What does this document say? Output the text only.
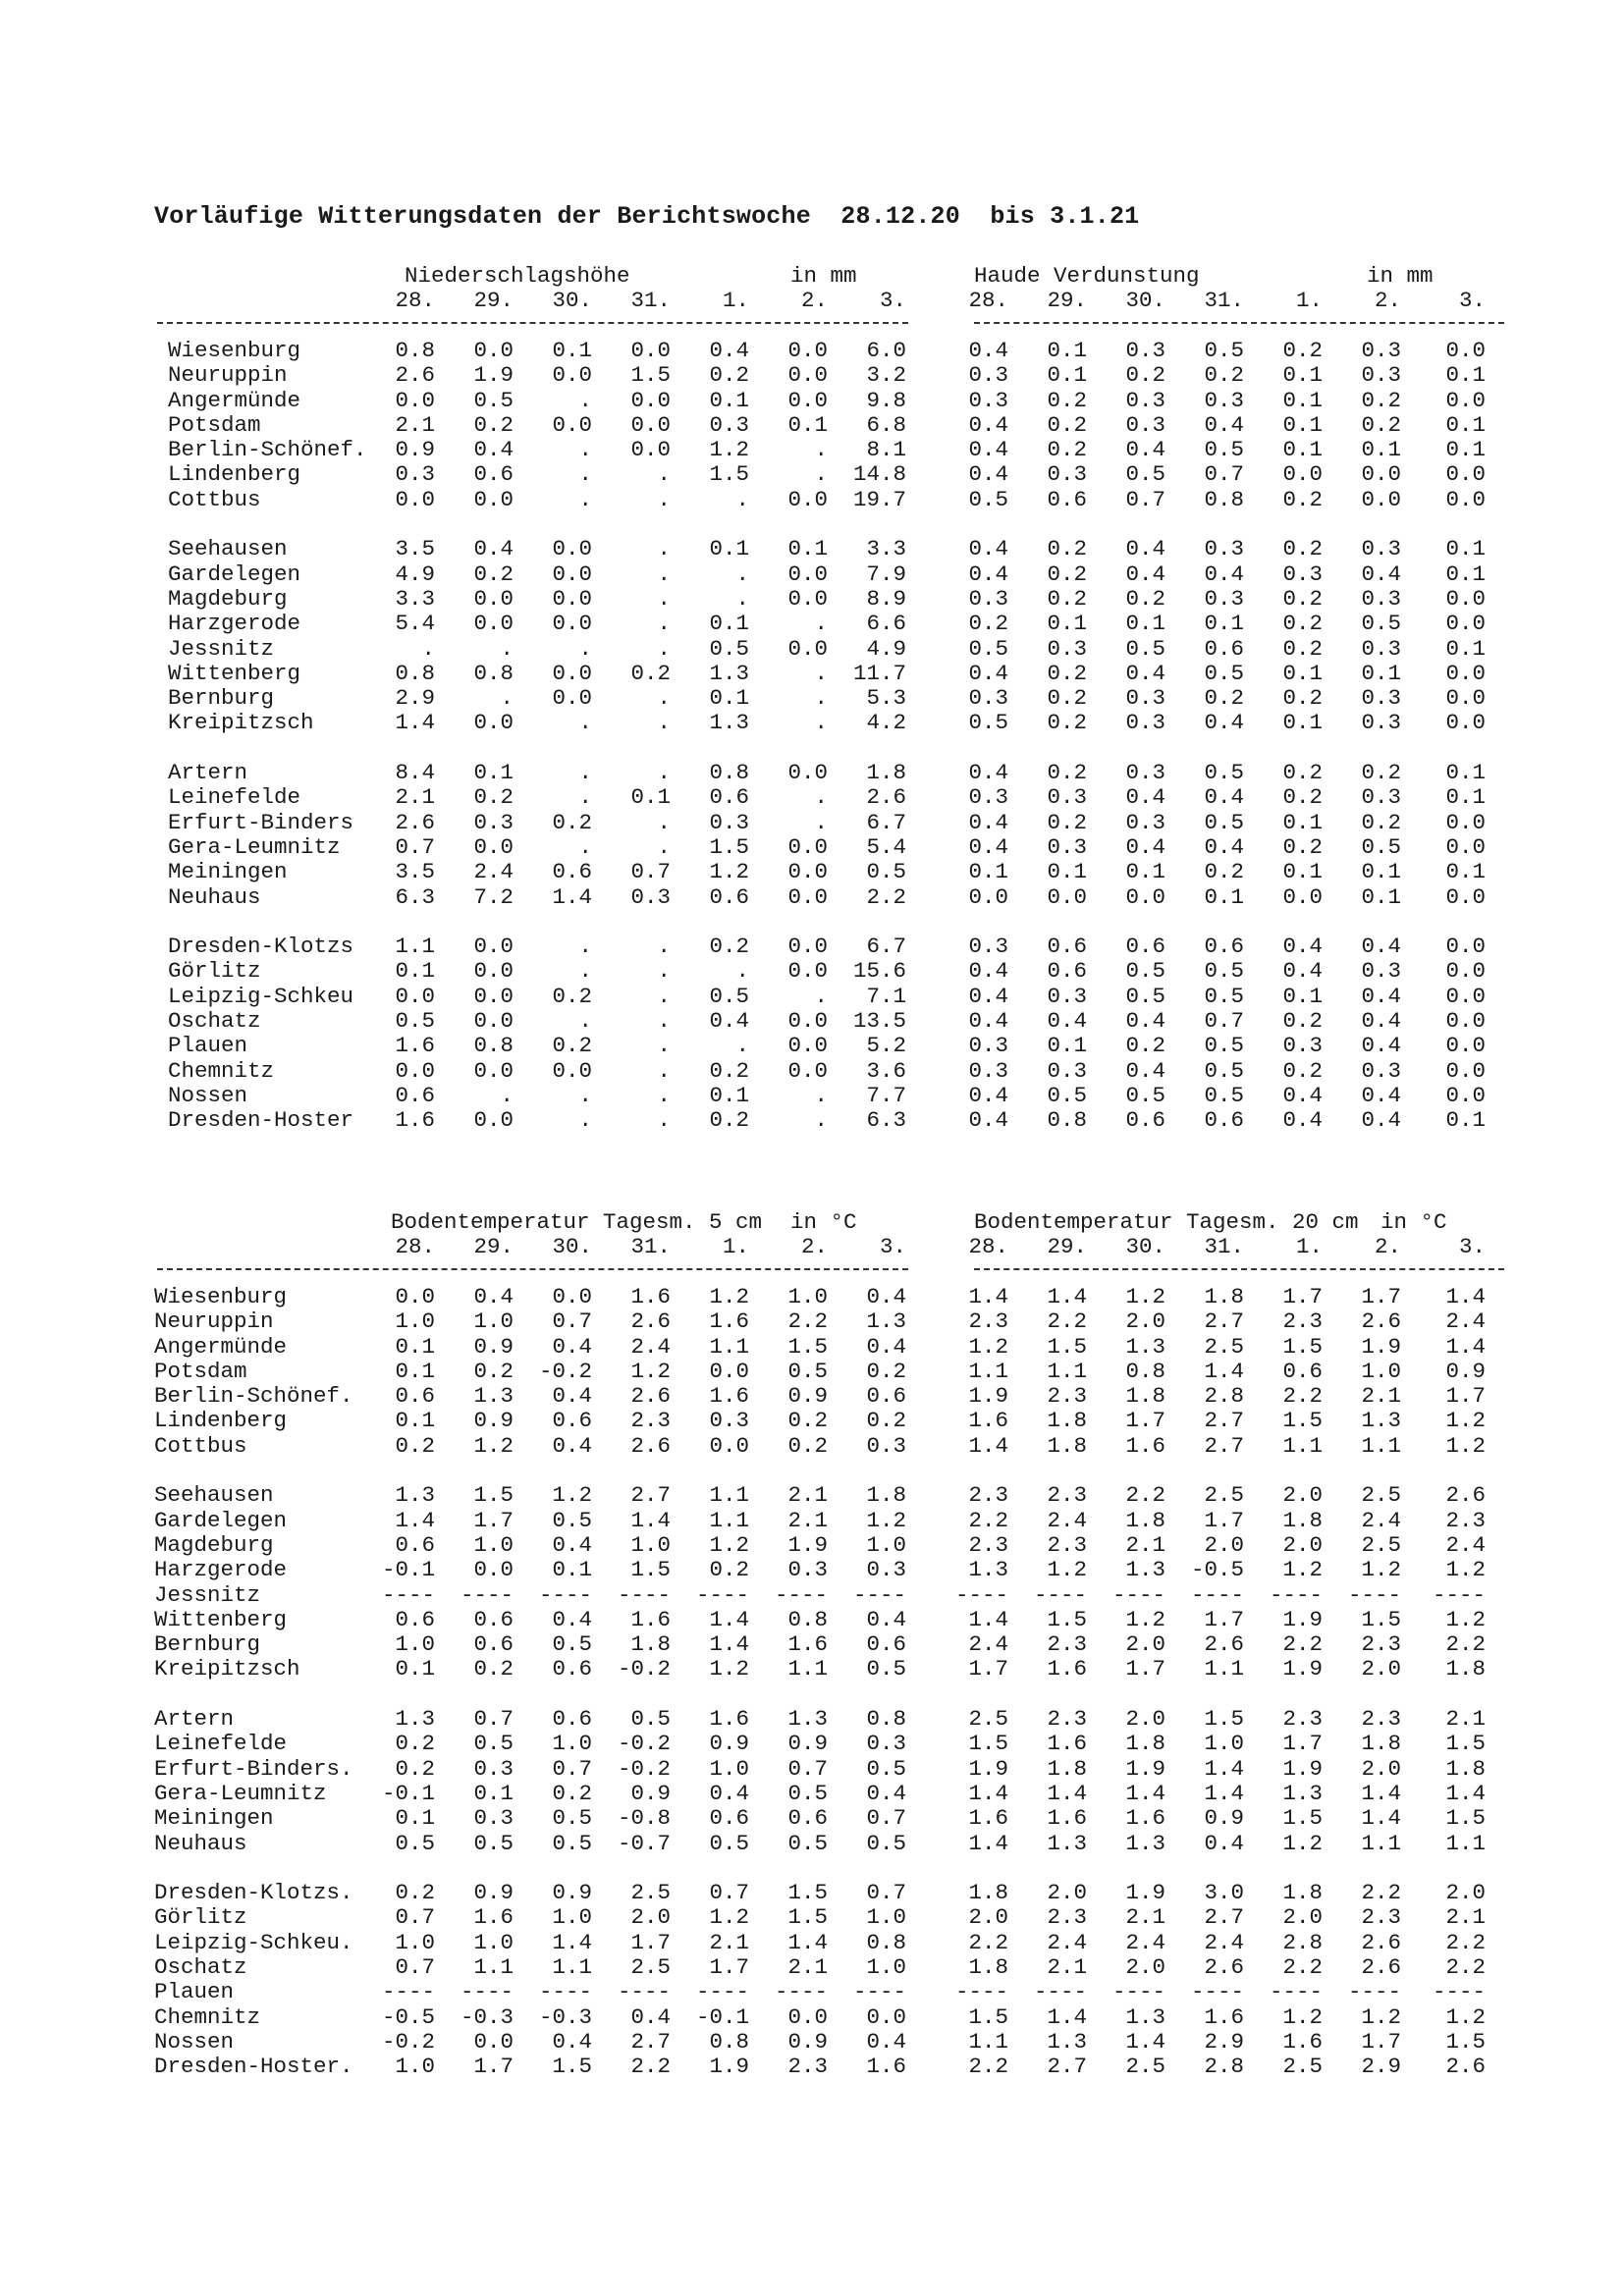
Vorläufige Witterungsdaten der Berichtswoche  28.12.20  bis 3.1.21
Niederschlagshöhe	in mm	Haude Verdunstung	in mm
28.	28.
29.	29.
30.	30.
31.	31.
1.	1.
2.	2.
3.	3.
Wiesenburg	0.8	0.0	0.1	0.0	0.4	0.0	6.0	0.4	0.1	0.3	0.5	0.2	0.3	0.0
Neuruppin	2.6	1.9	0.0	1.5	0.2	0.0	3.2	0.3	0.1	0.2	0.2	0.1	0.3	0.1
Angermünde	0.0	0.5	.	0.0	0.1	0.0	9.8	0.3	0.2	0.3	0.3	0.1	0.2	0.0
Potsdam	2.1	0.2	0.0	0.0	0.3	0.1	6.8	0.4	0.2	0.3	0.4	0.1	0.2	0.1
Berlin-Schönef.	0.9	0.4	.	0.0	1.2	.	8.1	0.4	0.2	0.4	0.5	0.1	0.1	0.1
Lindenberg	0.3	0.6	.	.	1.5	. 14.8	0.4	0.3	0.5	0.7	0.0	0.0	0.0
Cottbus	0.0	0.0	.	.	.	0.0 19.7	0.5	0.6	0.7	0.8	0.2	0.0	0.0
Seehausen	3.5	0.4	0.0	.	0.1	0.1	3.3	0.4	0.2	0.4	0.3	0.2	0.3	0.1
Gardelegen	4.9	0.2	0.0	.	.	0.0	7.9	0.4	0.2	0.4	0.4	0.3	0.4	0.1
Magdeburg	3.3	0.0	0.0	.	.	0.0	8.9	0.3	0.2	0.2	0.3	0.2	0.3	0.0
Harzgerode	5.4	0.0	0.0	.	0.1	.	6.6	0.2	0.1	0.1	0.1	0.2	0.5	0.0
Jessnitz	.	.	.	.	0.5	0.0	4.9	0.5	0.3	0.5	0.6	0.2	0.3	0.1
Wittenberg	0.8	0.8	0.0	0.2	1.3	. 11.7	0.4	0.2	0.4	0.5	0.1	0.1	0.0
Bernburg	2.9	.	0.0	.	0.1	.	5.3	0.3	0.2	0.3	0.2	0.2	0.3	0.0
Kreipitzsch	1.4	0.0	.	.	1.3	.	4.2	0.5	0.2	0.3	0.4	0.1	0.3	0.0
Artern	8.4	0.1	.	.	0.8	0.0	1.8	0.4	0.2	0.3	0.5	0.2	0.2	0.1
Leinefelde	2.1	0.2	.	0.1	0.6	.	2.6	0.3	0.3	0.4	0.4	0.2	0.3	0.1
Erfurt-Binders	2.6	0.3	0.2	.	0.3	.	6.7	0.4	0.2	0.3	0.5	0.1	0.2	0.0
Gera-Leumnitz	0.7	0.0	.	.	1.5	0.0	5.4	0.4	0.3	0.4	0.4	0.2	0.5	0.0
Meiningen	3.5	2.4	0.6	0.7	1.2	0.0	0.5	0.1	0.1	0.1	0.2	0.1	0.1	0.1
Neuhaus	6.3	7.2	1.4	0.3	0.6	0.0	2.2	0.0	0.0	0.0	0.1	0.0	0.1	0.0
Dresden-Klotzs	1.1	0.0	.	.	0.2	0.0	6.7	0.3	0.6	0.6	0.6	0.4	0.4	0.0
Görlitz	0.1	0.0	.	.	.	0.0 15.6	0.4	0.6	0.5	0.5	0.4	0.3	0.0
Leipzig-Schkeu	0.0	0.0	0.2	.	0.5	.	7.1	0.4	0.3	0.5	0.5	0.1	0.4	0.0
Oschatz	0.5	0.0	.	.	0.4	0.0 13.5	0.4	0.4	0.4	0.7	0.2	0.4	0.0
Plauen	1.6	0.8	0.2	.	.	0.0	5.2	0.3	0.1	0.2	0.5	0.3	0.4	0.0
Chemnitz	0.0	0.0	0.0	.	0.2	0.0	3.6	0.3	0.3	0.4	0.5	0.2	0.3	0.0
Nossen	0.6	.	.	.	0.1	.	7.7	0.4	0.5	0.5	0.5	0.4	0.4	0.0
Dresden-Hoster	1.6	0.0	.	.	0.2	.	6.3	0.4	0.8	0.6	0.6	0.4	0.4	0.1
Bodentemperatur Tagesm. 5 cm in °C	Bodentemperatur Tagesm. 20 cm in °C
28.	28.
29.	29.
30.	30.
31.	31.
1.	1.
2.	2.
3.	3.
Wiesenburg	0.0	0.4	0.0	1.6	1.2	1.0	0.4	1.4	1.4	1.2	1.8	1.7	1.7	1.4
Neuruppin	1.0	1.0	0.7	2.6	1.6	2.2	1.3	2.3	2.2	2.0	2.7	2.3	2.6	2.4
Angermünde	0.1	0.9	0.4	2.4	1.1	1.5	0.4	1.2	1.5	1.3	2.5	1.5	1.9	1.4
Potsdam	0.1	0.2 -0.2	1.2	0.0	0.5	0.2	1.1	1.1	0.8	1.4	0.6	1.0	0.9
Berlin-Schönef.	0.6	1.3	0.4	2.6	1.6	0.9	0.6	1.9	2.3	1.8	2.8	2.2	2.1	1.7
Lindenberg	0.1	0.9	0.6	2.3	0.3	0.2	0.2	1.6	1.8	1.7	2.7	1.5	1.3	1.2
Cottbus	0.2	1.2	0.4	2.6	0.0	0.2	0.3	1.4	1.8	1.6	2.7	1.1	1.1	1.2
Seehausen	1.3	1.5	1.2	2.7	1.1	2.1	1.8	2.3	2.3	2.2	2.5	2.0	2.5	2.6
Gardelegen	1.4	1.7	0.5	1.4	1.1	2.1	1.2	2.2	2.4	1.8	1.7	1.8	2.4	2.3
Magdeburg	0.6	1.0	0.4	1.0	1.2	1.9	1.0	2.3	2.3	2.1	2.0	2.0	2.5	2.4
Harzgerode	-0.1	0.0	0.1	1.5	0.2	0.3	0.3	1.3	1.2	1.3 -0.5	1.2	1.2	1.2
Jessnitz	---- ---- ---- ---- ---- ---- ---- ---- ---- ---- ---- ---- ---- ----
Wittenberg	0.6	0.6	0.4	1.6	1.4	0.8	0.4	1.4	1.5	1.2	1.7	1.9	1.5	1.2
Bernburg	1.0	0.6	0.5	1.8	1.4	1.6	0.6	2.4	2.3	2.0	2.6	2.2	2.3	2.2
Kreipitzsch	0.1	0.2	0.6 -0.2	1.2	1.1	0.5	1.7	1.6	1.7	1.1	1.9	2.0	1.8
Artern	1.3	0.7	0.6	0.5	1.6	1.3	0.8	2.5	2.3	2.0	1.5	2.3	2.3	2.1
Leinefelde	0.2	0.5	1.0 -0.2	0.9	0.9	0.3	1.5	1.6	1.8	1.0	1.7	1.8	1.5
Erfurt-Binders.	0.2	0.3	0.7 -0.2	1.0	0.7	0.5	1.9	1.8	1.9	1.4	1.9	2.0	1.8
Gera-Leumnitz	-0.1	0.1	0.2	0.9	0.4	0.5	0.4	1.4	1.4	1.4	1.4	1.3	1.4	1.4
Meiningen	0.1	0.3	0.5 -0.8	0.6	0.6	0.7	1.6	1.6	1.6	0.9	1.5	1.4	1.5
Neuhaus	0.5	0.5	0.5 -0.7	0.5	0.5	0.5	1.4	1.3	1.3	0.4	1.2	1.1	1.1
Dresden-Klotzs.	0.2	0.9	0.9	2.5	0.7	1.5	0.7	1.8	2.0	1.9	3.0	1.8	2.2	2.0
Görlitz	0.7	1.6	1.0	2.0	1.2	1.5	1.0	2.0	2.3	2.1	2.7	2.0	2.3	2.1
Leipzig-Schkeu.	1.0	1.0	1.4	1.7	2.1	1.4	0.8	2.2	2.4	2.4	2.4	2.8	2.6	2.2
Oschatz	0.7	1.1	1.1	2.5	1.7	2.1	1.0	1.8	2.1	2.0	2.6	2.2	2.6	2.2
Plauen	---- ---- ---- ---- ---- ---- ---- ---- ---- ---- ---- ---- ---- ----
Chemnitz	-0.5 -0.3 -0.3	0.4 -0.1	0.0	0.0	1.5	1.4	1.3	1.6	1.2	1.2	1.2
Nossen	-0.2	0.0	0.4	2.7	0.8	0.9	0.4	1.1	1.3	1.4	2.9	1.6	1.7	1.5
Dresden-Hoster.	1.0	1.7	1.5	2.2	1.9	2.3	1.6	2.2	2.7	2.5	2.8	2.5	2.9	2.6
